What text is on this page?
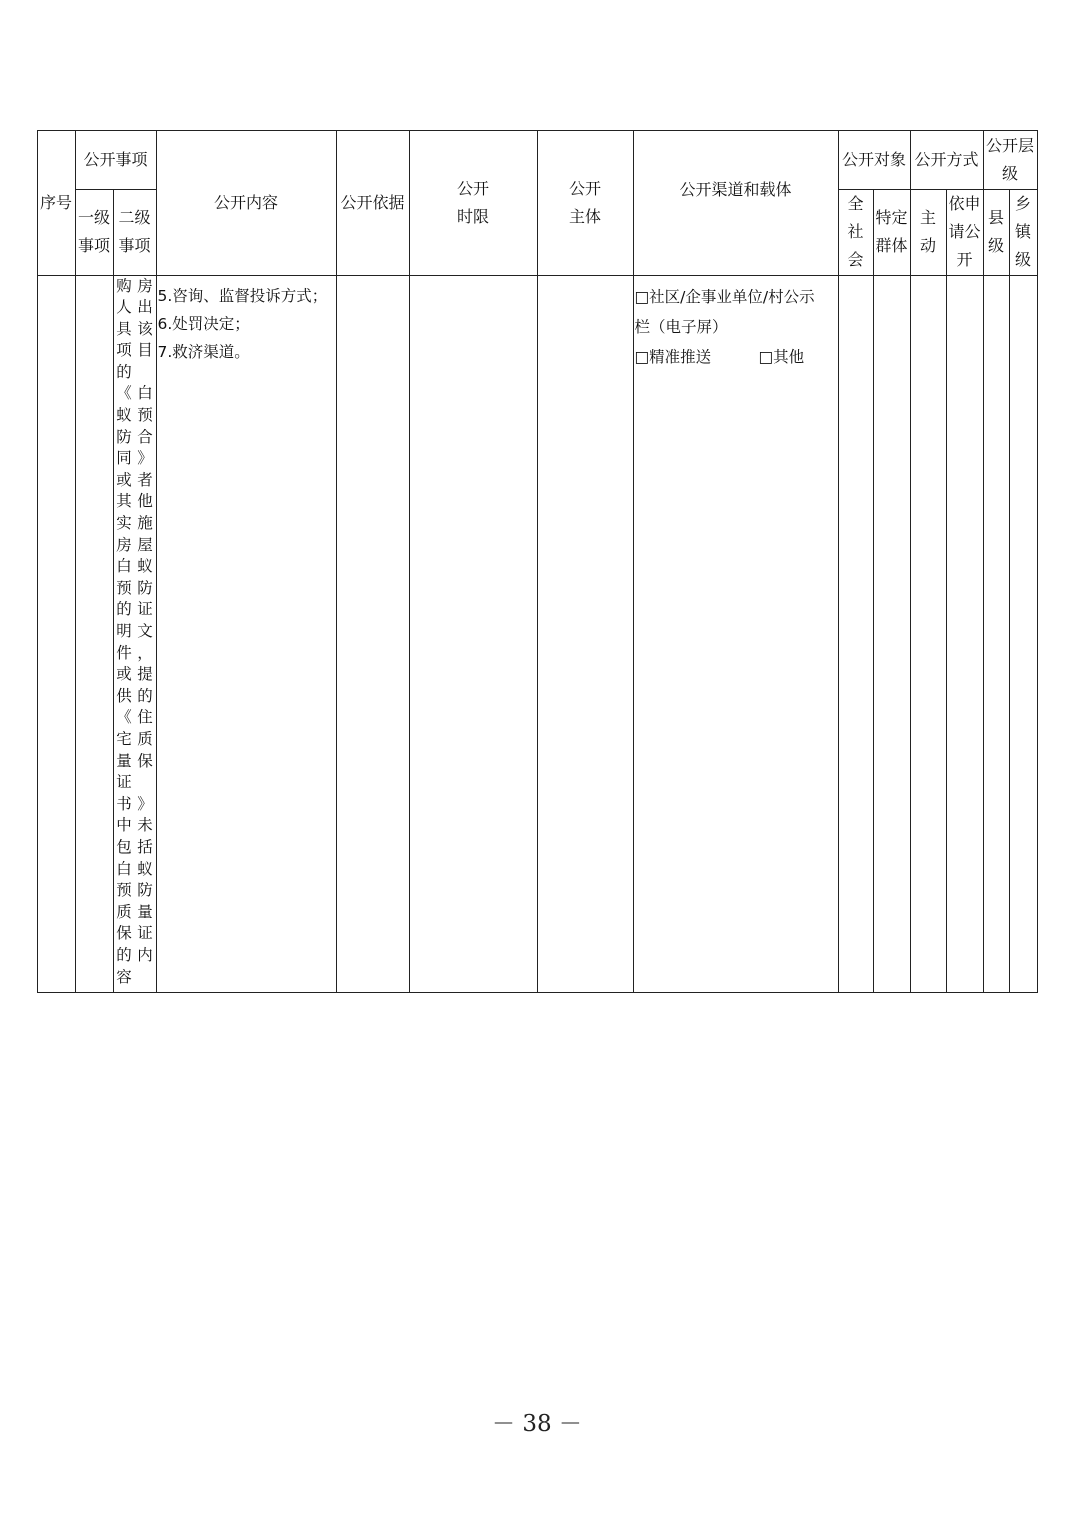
序号
公开事项
一级
事项
二级
事项
公开内容	公开依据
公开
时限
公开
主体
公开渠道和载体
公开对象
全
社
会
特定
群体
公开方式
主
动
依申
请公
开
公开层
级
县
级
乡
镇
级
购
人
具
项
的
《
蚁
防
同
或
其
实
房
白
预
的
明
件
或
供
《
宅
量
证
书
中
包
白
预
质
保
的
容
房
出
该
目
白
预
合
》
者
他
施
屋
蚁
防
证
文
，
提
的
住
质
保
》
未
括
蚁
防
量
证
内
5.咨询、监督投诉方式；
6.处罚决定；
7.救济渠道。
□社区/企事业单位/村公示
栏（电子屏）
□精准推送	□其他
－ 38 －
